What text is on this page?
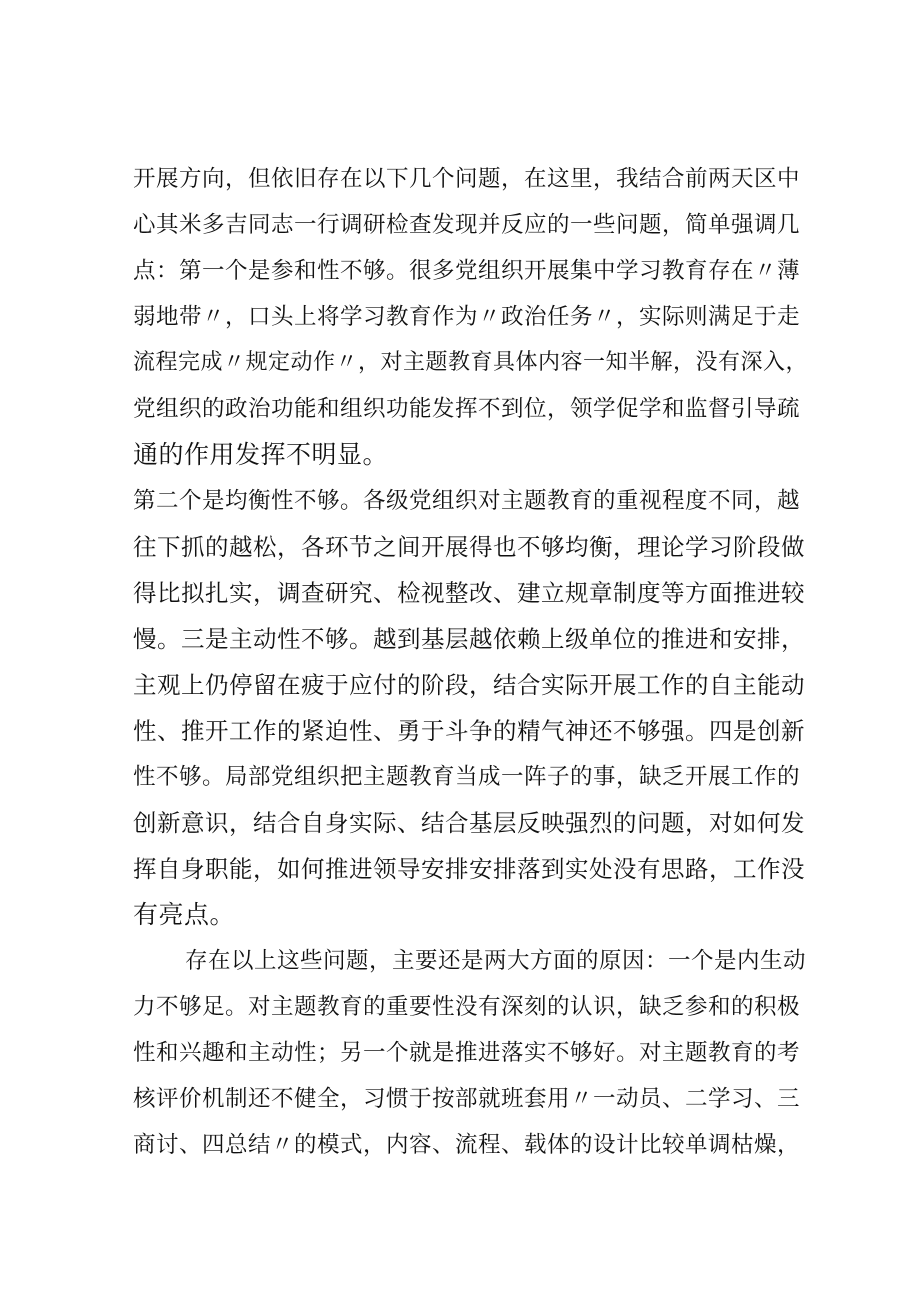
开展方向，但依旧存在以下几个问题，在这里，我结合前两天区中
心其米多吉同志一行调研检查发现并反应的一些问题，简单强调几
点：第一个是参和性不够。很多党组织开展集中学习教育存在〃薄
弱地带〃，口头上将学习教育作为〃政治任务〃，实际则满足于走
流程完成〃规定动作〃，对主题教育具体内容一知半解，没有深入，
党组织的政治功能和组织功能发挥不到位，领学促学和监督引导疏
通的作用发挥不明显。
第二个是均衡性不够。各级党组织对主题教育的重视程度不同，越
往下抓的越松，各环节之间开展得也不够均衡，理论学习阶段做
得比拟扎实，调查研究、检视整改、建立规章制度等方面推进较
慢。三是主动性不够。越到基层越依赖上级单位的推进和安排，
主观上仍停留在疲于应付的阶段，结合实际开展工作的自主能动
性、推开工作的紧迫性、勇于斗争的精气神还不够强。四是创新
性不够。局部党组织把主题教育当成一阵子的事，缺乏开展工作的
创新意识，结合自身实际、结合基层反映强烈的问题，对如何发
挥自身职能，如何推进领导安排安排落到实处没有思路，工作没
有亮点。
存在以上这些问题，主要还是两大方面的原因：一个是内生动
力不够足。对主题教育的重要性没有深刻的认识，缺乏参和的积极
性和兴趣和主动性；另一个就是推进落实不够好。对主题教育的考
核评价机制还不健全，习惯于按部就班套用〃一动员、二学习、三
商讨、四总结〃的模式，内容、流程、载体的设计比较单调枯燥，
